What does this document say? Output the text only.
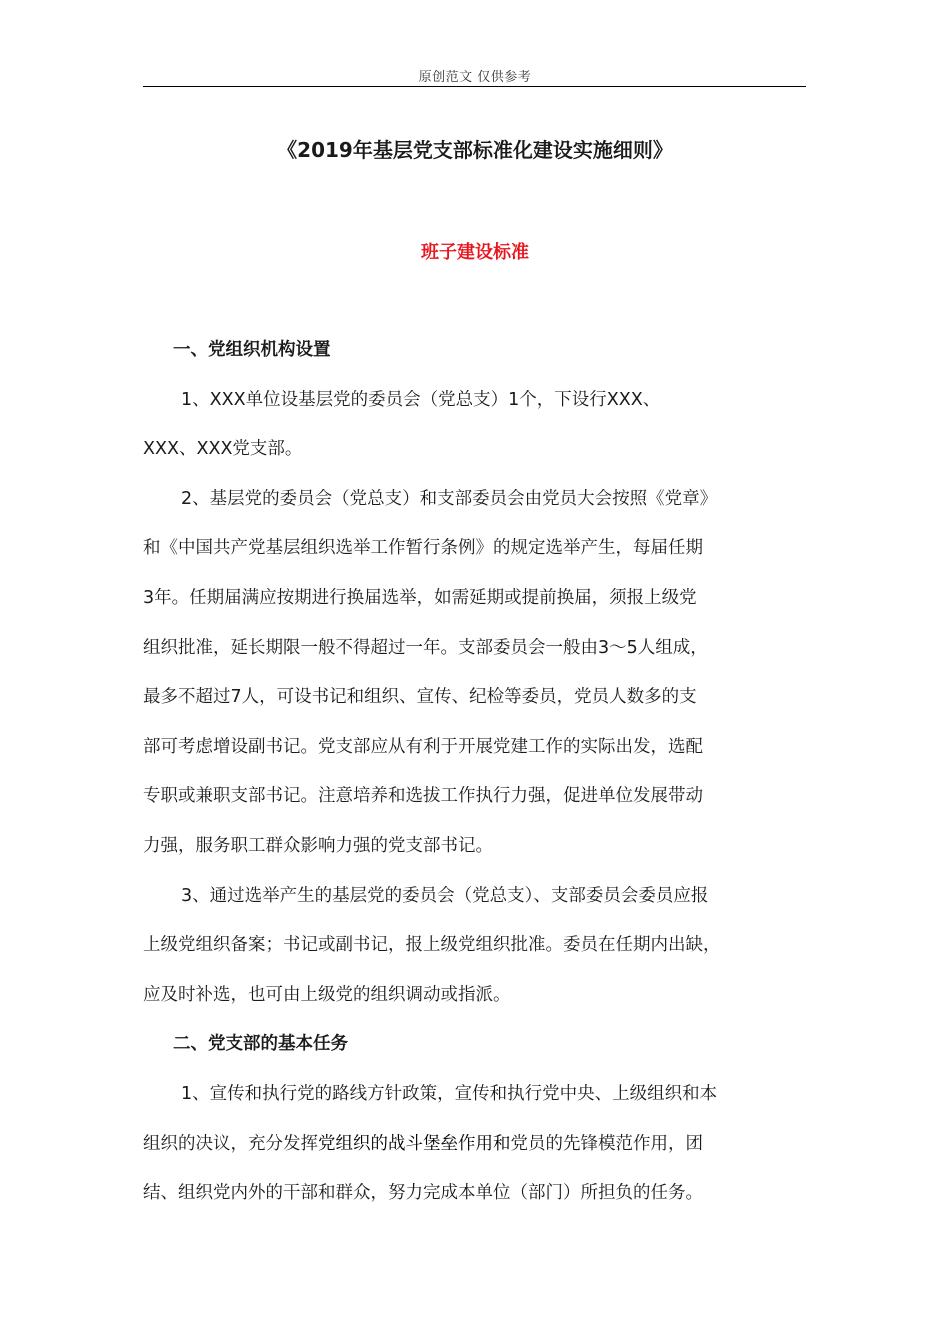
原创范文 仅供参考
《2019年基层党支部标准化建设实施细则》
班子建设标准

一、党组织机构设置

1、XXX单位设基层党的委员会（党总支）1个，下设行XXX、
XXX、XXX党支部。
2、基层党的委员会（党总支）和支部委员会由党员大会按照《党章》
和《中国共产党基层组织选举工作暂行条例》的规定选举产生，每届任期
3年。任期届满应按期进行换届选举，如需延期或提前换届，须报上级党
组织批准，延长期限一般不得超过一年。支部委员会一般由3～5人组成，
最多不超过7人，可设书记和组织、宣传、纪检等委员，党员人数多的支
部可考虑增设副书记。党支部应从有利于开展党建工作的实际出发，选配
专职或兼职支部书记。注意培养和选拔工作执行力强，促进单位发展带动
力强，服务职工群众影响力强的党支部书记。
3、通过选举产生的基层党的委员会（党总支）、支部委员会委员应报
上级党组织备案；书记或副书记，报上级党组织批准。委员在任期内出缺，
应及时补选，也可由上级党的组织调动或指派。

二、党支部的基本任务

1、宣传和执行党的路线方针政策，宣传和执行党中央、上级组织和本
组织的决议，充分发挥党组织的战斗堡垒作用和党员的先锋模范作用，团
结、组织党内外的干部和群众，努力完成本单位（部门）所担负的任务。
